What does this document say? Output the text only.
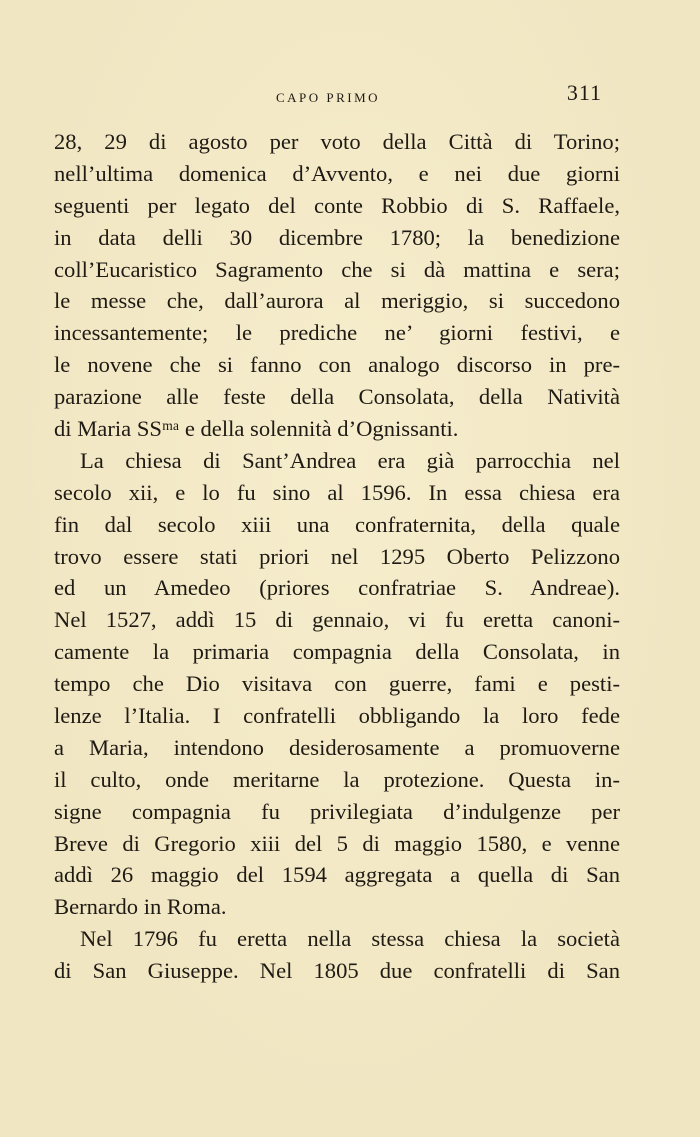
CAPO PRIMO	311
28, 29 di agosto per voto della Città di Torino;
nell’ultima domenica d’Avvento, e nei due giorni
seguenti per legato del conte Robbio di S. Raffaele,
in data delli 30 dicembre 1780; la benedizione
coll’Eucaristico Sagramento che si dà mattina e sera;
le messe che, dall’aurora al meriggio, si succedono
incessantemente; le prediche ne’ giorni festivi, e
le novene che si fanno con analogo discorso in pre-
parazione alle feste della Consolata, della Natività
di Maria SSᵐᵃ e della solennità d’Ognissanti.
La chiesa di Sant’Andrea era già parrocchia nel
secolo xii, e lo fu sino al 1596. In essa chiesa era
fin dal secolo xiii una confraternita, della quale
trovo essere stati priori nel 1295 Oberto Pelizzono
ed un Amedeo (priores confratriae S. Andreae).
Nel 1527, addì 15 di gennaio, vi fu eretta canoni-
camente la primaria compagnia della Consolata, in
tempo che Dio visitava con guerre, fami e pesti-
lenze l’Italia. I confratelli obbligando la loro fede
a Maria, intendono desiderosamente a promuoverne
il culto, onde meritarne la protezione. Questa in-
signe compagnia fu privilegiata d’indulgenze per
Breve di Gregorio xiii del 5 di maggio 1580, e venne
addì 26 maggio del 1594 aggregata a quella di San
Bernardo in Roma.
Nel 1796 fu eretta nella stessa chiesa la società
di San Giuseppe. Nel 1805 due confratelli di San
